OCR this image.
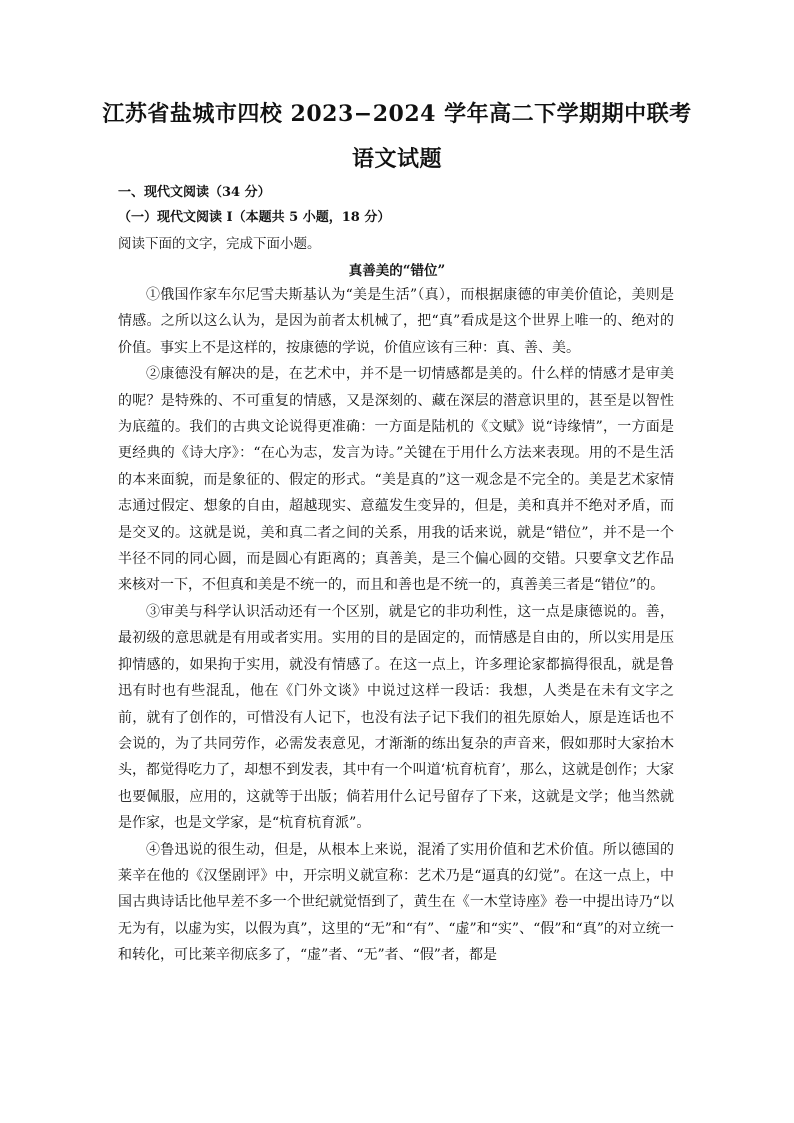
江苏省盐城市四校 2023−2024 学年高二下学期期中联考
语文试题
一、现代文阅读（34 分）
（一）现代文阅读 I（本题共 5 小题，18 分）
阅读下面的文字，完成下面小题。
真善美的“错位”

①俄国作家车尔尼雪夫斯基认为“美是生活”（真），而根据康德的审美价值论，美则是情感。之所以这么认为，是因为前者太机械了，把“真”看成是这个世界上唯一的、绝对的价值。事实上不是这样的，按康德的学说，价值应该有三种：真、善、美。

②康德没有解决的是，在艺术中，并不是一切情感都是美的。什么样的情感才是审美的呢？是特殊的、不可重复的情感，又是深刻的、藏在深层的潜意识里的，甚至是以智性为底蕴的。我们的古典文论说得更准确：一方面是陆机的《文赋》说“诗缘情”，一方面是更经典的《诗大序》：“在心为志，发言为诗。”关键在于用什么方法来表现。用的不是生活的本来面貌，而是象征的、假定的形式。“美是真的”这一观念是不完全的。美是艺术家情志通过假定、想象的自由，超越现实、意蕴发生变异的，但是，美和真并不绝对矛盾，而是交叉的。这就是说，美和真二者之间的关系，用我的话来说，就是“错位”，并不是一个半径不同的同心圆，而是圆心有距离的；真善美，是三个偏心圆的交错。只要拿文艺作品来核对一下，不但真和美是不统一的，而且和善也是不统一的，真善美三者是“错位”的。

③审美与科学认识活动还有一个区别，就是它的非功利性，这一点是康德说的。善，最初级的意思就是有用或者实用。实用的目的是固定的，而情感是自由的，所以实用是压抑情感的，如果拘于实用，就没有情感了。在这一点上，许多理论家都搞得很乱，就是鲁迅有时也有些混乱，他在《门外文谈》中说过这样一段话：我想，人类是在未有文字之前，就有了创作的，可惜没有人记下，也没有法子记下我们的祖先原始人，原是连话也不会说的，为了共同劳作，必需发表意见，才渐渐的练出复杂的声音来，假如那时大家抬木头，都觉得吃力了，却想不到发表，其中有一个叫道‘杭育杭育’，那么，这就是创作；大家也要佩服，应用的，这就等于出版；倘若用什么记号留存了下来，这就是文学；他当然就是作家，也是文学家，是“杭育杭育派”。

④鲁迅说的很生动，但是，从根本上来说，混淆了实用价值和艺术价值。所以德国的莱辛在他的《汉堡剧评》中，开宗明义就宣称：艺术乃是“逼真的幻觉”。在这一点上，中国古典诗话比他早差不多一个世纪就觉悟到了，黄生在《一木堂诗座》卷一中提出诗乃“以无为有，以虚为实，以假为真”，这里的“无”和“有”、“虚”和“实”、“假”和“真”的对立统一和转化，可比莱辛彻底多了，“虚”者、“无”者、“假”者，都是
